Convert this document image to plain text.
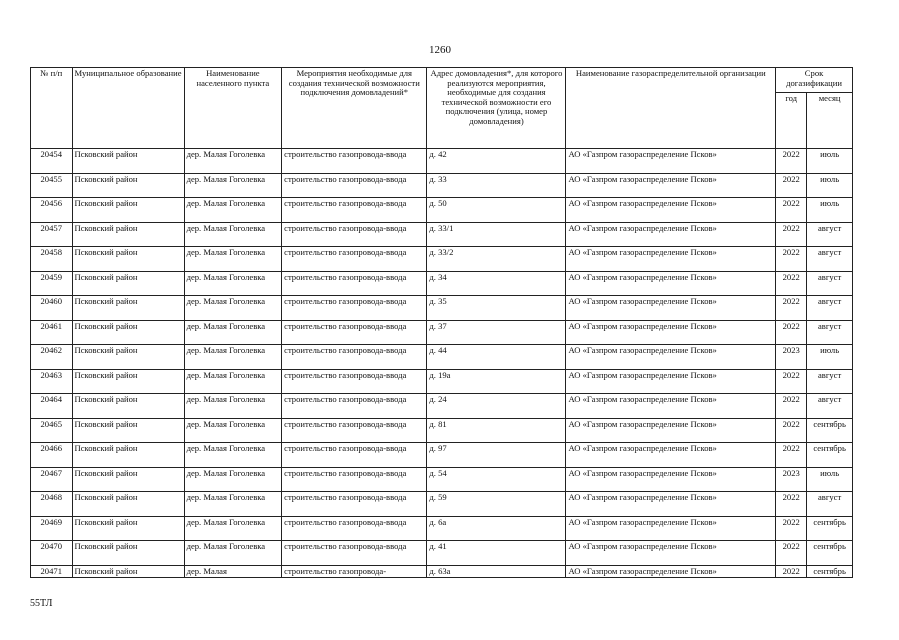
1260
№ п/п	Муниципальное образование	Наименование населенного пункта	Мероприятия необходимые для создания технической возможности подключения домовладений*	Адрес домовладения*, для которого реализуются мероприятия, необходимые для создания технической возможности его подключения (улица, номер домовладения)	Наименование газораспределительной организации	Срок догазификации	
						год	месяц
20454	Псковский район	дер. Малая Гоголевка	строительство газопровода-ввода	д. 42	АО «Газпром газораспределение Псков»	2022	июль
20455	Псковский район	дер. Малая Гоголевка	строительство газопровода-ввода	д. 33	АО «Газпром газораспределение Псков»	2022	июль
20456	Псковский район	дер. Малая Гоголевка	строительство газопровода-ввода	д. 50	АО «Газпром газораспределение Псков»	2022	июль
20457	Псковский район	дер. Малая Гоголевка	строительство газопровода-ввода	д. 33/1	АО «Газпром газораспределение Псков»	2022	август
20458	Псковский район	дер. Малая Гоголевка	строительство газопровода-ввода	д. 33/2	АО «Газпром газораспределение Псков»	2022	август
20459	Псковский район	дер. Малая Гоголевка	строительство газопровода-ввода	д. 34	АО «Газпром газораспределение Псков»	2022	август
20460	Псковский район	дер. Малая Гоголевка	строительство газопровода-ввода	д. 35	АО «Газпром газораспределение Псков»	2022	август
20461	Псковский район	дер. Малая Гоголевка	строительство газопровода-ввода	д. 37	АО «Газпром газораспределение Псков»	2022	август
20462	Псковский район	дер. Малая Гоголевка	строительство газопровода-ввода	д. 44	АО «Газпром газораспределение Псков»	2023	июль
20463	Псковский район	дер. Малая Гоголевка	строительство газопровода-ввода	д. 19а	АО «Газпром газораспределение Псков»	2022	август
20464	Псковский район	дер. Малая Гоголевка	строительство газопровода-ввода	д. 24	АО «Газпром газораспределение Псков»	2022	август
20465	Псковский район	дер. Малая Гоголевка	строительство газопровода-ввода	д. 81	АО «Газпром газораспределение Псков»	2022	сентябрь
20466	Псковский район	дер. Малая Гоголевка	строительство газопровода-ввода	д. 97	АО «Газпром газораспределение Псков»	2022	сентябрь
20467	Псковский район	дер. Малая Гоголевка	строительство газопровода-ввода	д. 54	АО «Газпром газораспределение Псков»	2023	июль
20468	Псковский район	дер. Малая Гоголевка	строительство газопровода-ввода	д. 59	АО «Газпром газораспределение Псков»	2022	август
20469	Псковский район	дер. Малая Гоголевка	строительство газопровода-ввода	д. 6а	АО «Газпром газораспределение Псков»	2022	сентябрь
20470	Псковский район	дер. Малая Гоголевка	строительство газопровода-ввода	д. 41	АО «Газпром газораспределение Псков»	2022	сентябрь
20471	Псковский район	дер. Малая	строительство газопровода-	д. 63а	АО «Газпром газораспределение Псков»	2022	сентябрь
55ТЛ
